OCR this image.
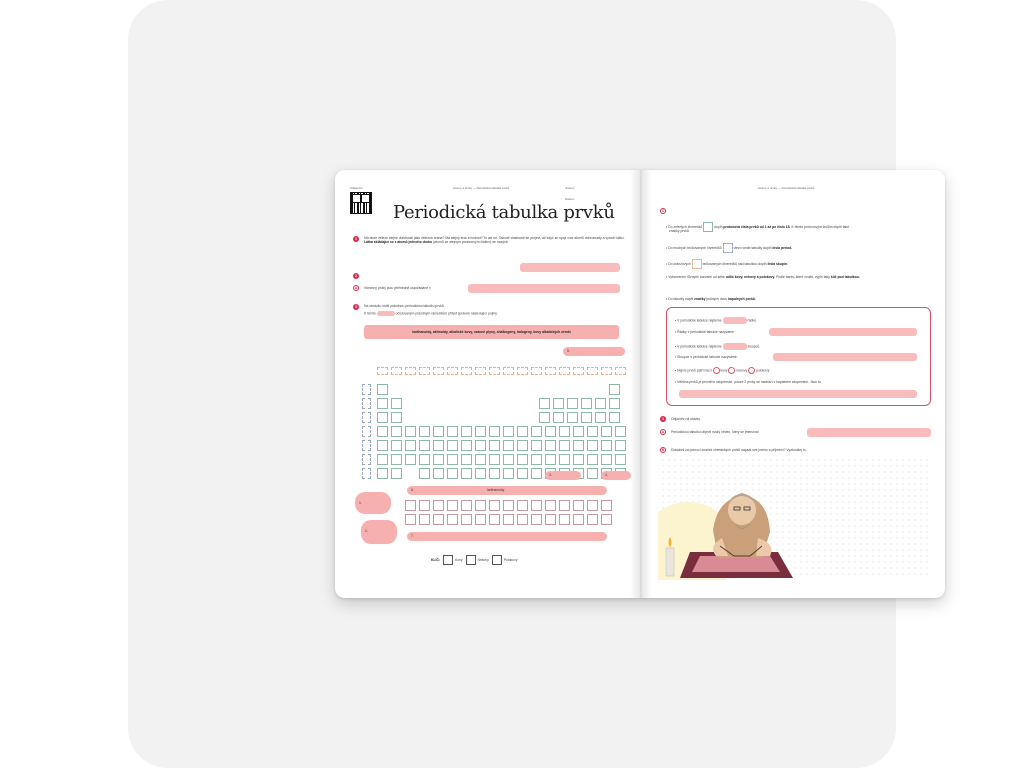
Odkaz/ce	Atomy a prvky — Periodická tabulka prvků	Jméno:
Datum:
Periodická tabulka prvků
1	Má atom železa stejné vlastnosti jako železná brána? Má stejný lesk a tvrdost? To asi ne. Takové vlastnosti se projeví, až když se spojí více atomů dohromady a vytvoří látku.
Látka skládající se z atomů jednoho druhu (atomů se stejným protonovým číslem) se nazývá
2
A	Všechny prvky jsou přehledně uspořádané v
3	Na obrázku vidíš prázdnou periodickou tabulku prvků.
K těmto	očíslovaným prázdným rámečkům přiřaď správné následující pojmy.
lanthanoidy, aktinoidy, alkalické kovy, vzácné plyny, chalkogeny, halogeny, kovy alkalických zemin
5.
3.	4.
6.	lanthanoidy
1.
2.
7.
KLÍČ:	Kovy	Nekovy	Polokovy
Atomy a prvky — Periodická tabulka prvků
C
• Do zelených čtverečků	doplň protonová čísla prvků od 1 až po číslo 18. K těmto protonovým číslům doplň také
značky prvků.
• Do modrých tečkovaných čtverečků	vlevo vedle tabulky doplň čísla period.
• Do oranžových	tečkovaných čtverečků nad tabulkou doplň čísla skupin.
• Vybarvením různými barvami od sebe odliš kovy, nekovy a polokovy. Podle barev, které zvolíš, vyplň taky klíč pod tabulkou.
• Do tabulky napiš značky jediných dvou kapalných prvků.
• V periodické tabulce najdeme	řádků.
• Řádky v periodické tabulce nazýváme
• V periodické tabulce najdeme	sloupců.
• Sloupce v periodické tabulce nazýváme
• Nejvíc prvků patří mezi	kovy	nekovy	polokovy
• Většina prvků je pevného skupenství, pouze 2 prvky se nachází v kapalném skupenství. Jsou to
4	Odpověz na otázky.
A	Periodickou tabulku objevil ruský vědec, který se jmenoval
B	Dokážeš za pomoci značek chemických prvků napsat své jméno a příjmení? Vyzkoušej to.
